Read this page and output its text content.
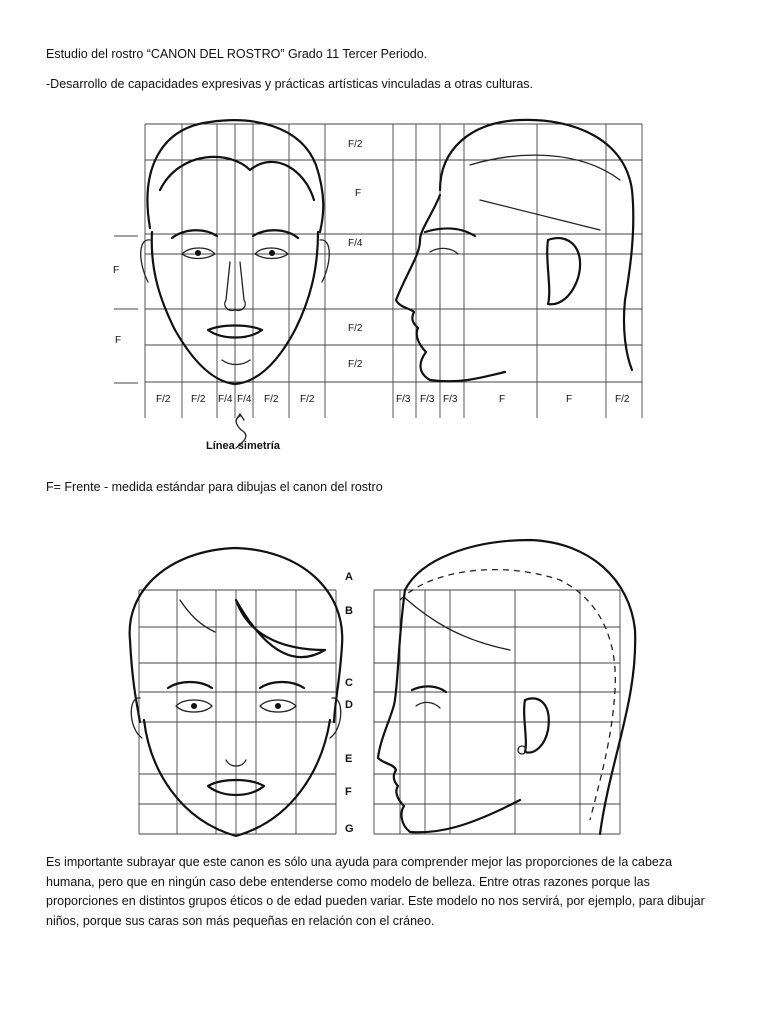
Estudio del rostro “CANON DEL ROSTRO” Grado 11 Tercer Periodo.
-Desarrollo de capacidades expresivas y prácticas artísticas vinculadas a otras culturas.
F
F
F/2
F
F/4
F/2
F/2
F/2 F/2 F/4 F/4 F/2 F/2	F/3 F/3 F/3	F	F	F/2
Línea simetría
F= Frente - medida estándar para dibujas el canon del rostro
A
B
C
D
E
F
G
Es importante subrayar que este canon es sólo una ayuda para comprender mejor las proporciones de la cabeza
humana, pero que en ningún caso debe entenderse como modelo de belleza. Entre otras razones porque las
proporciones en distintos grupos éticos o de edad pueden variar. Este modelo no nos servirá, por ejemplo, para dibujar
niños, porque sus caras son más pequeñas en relación con el cráneo.
